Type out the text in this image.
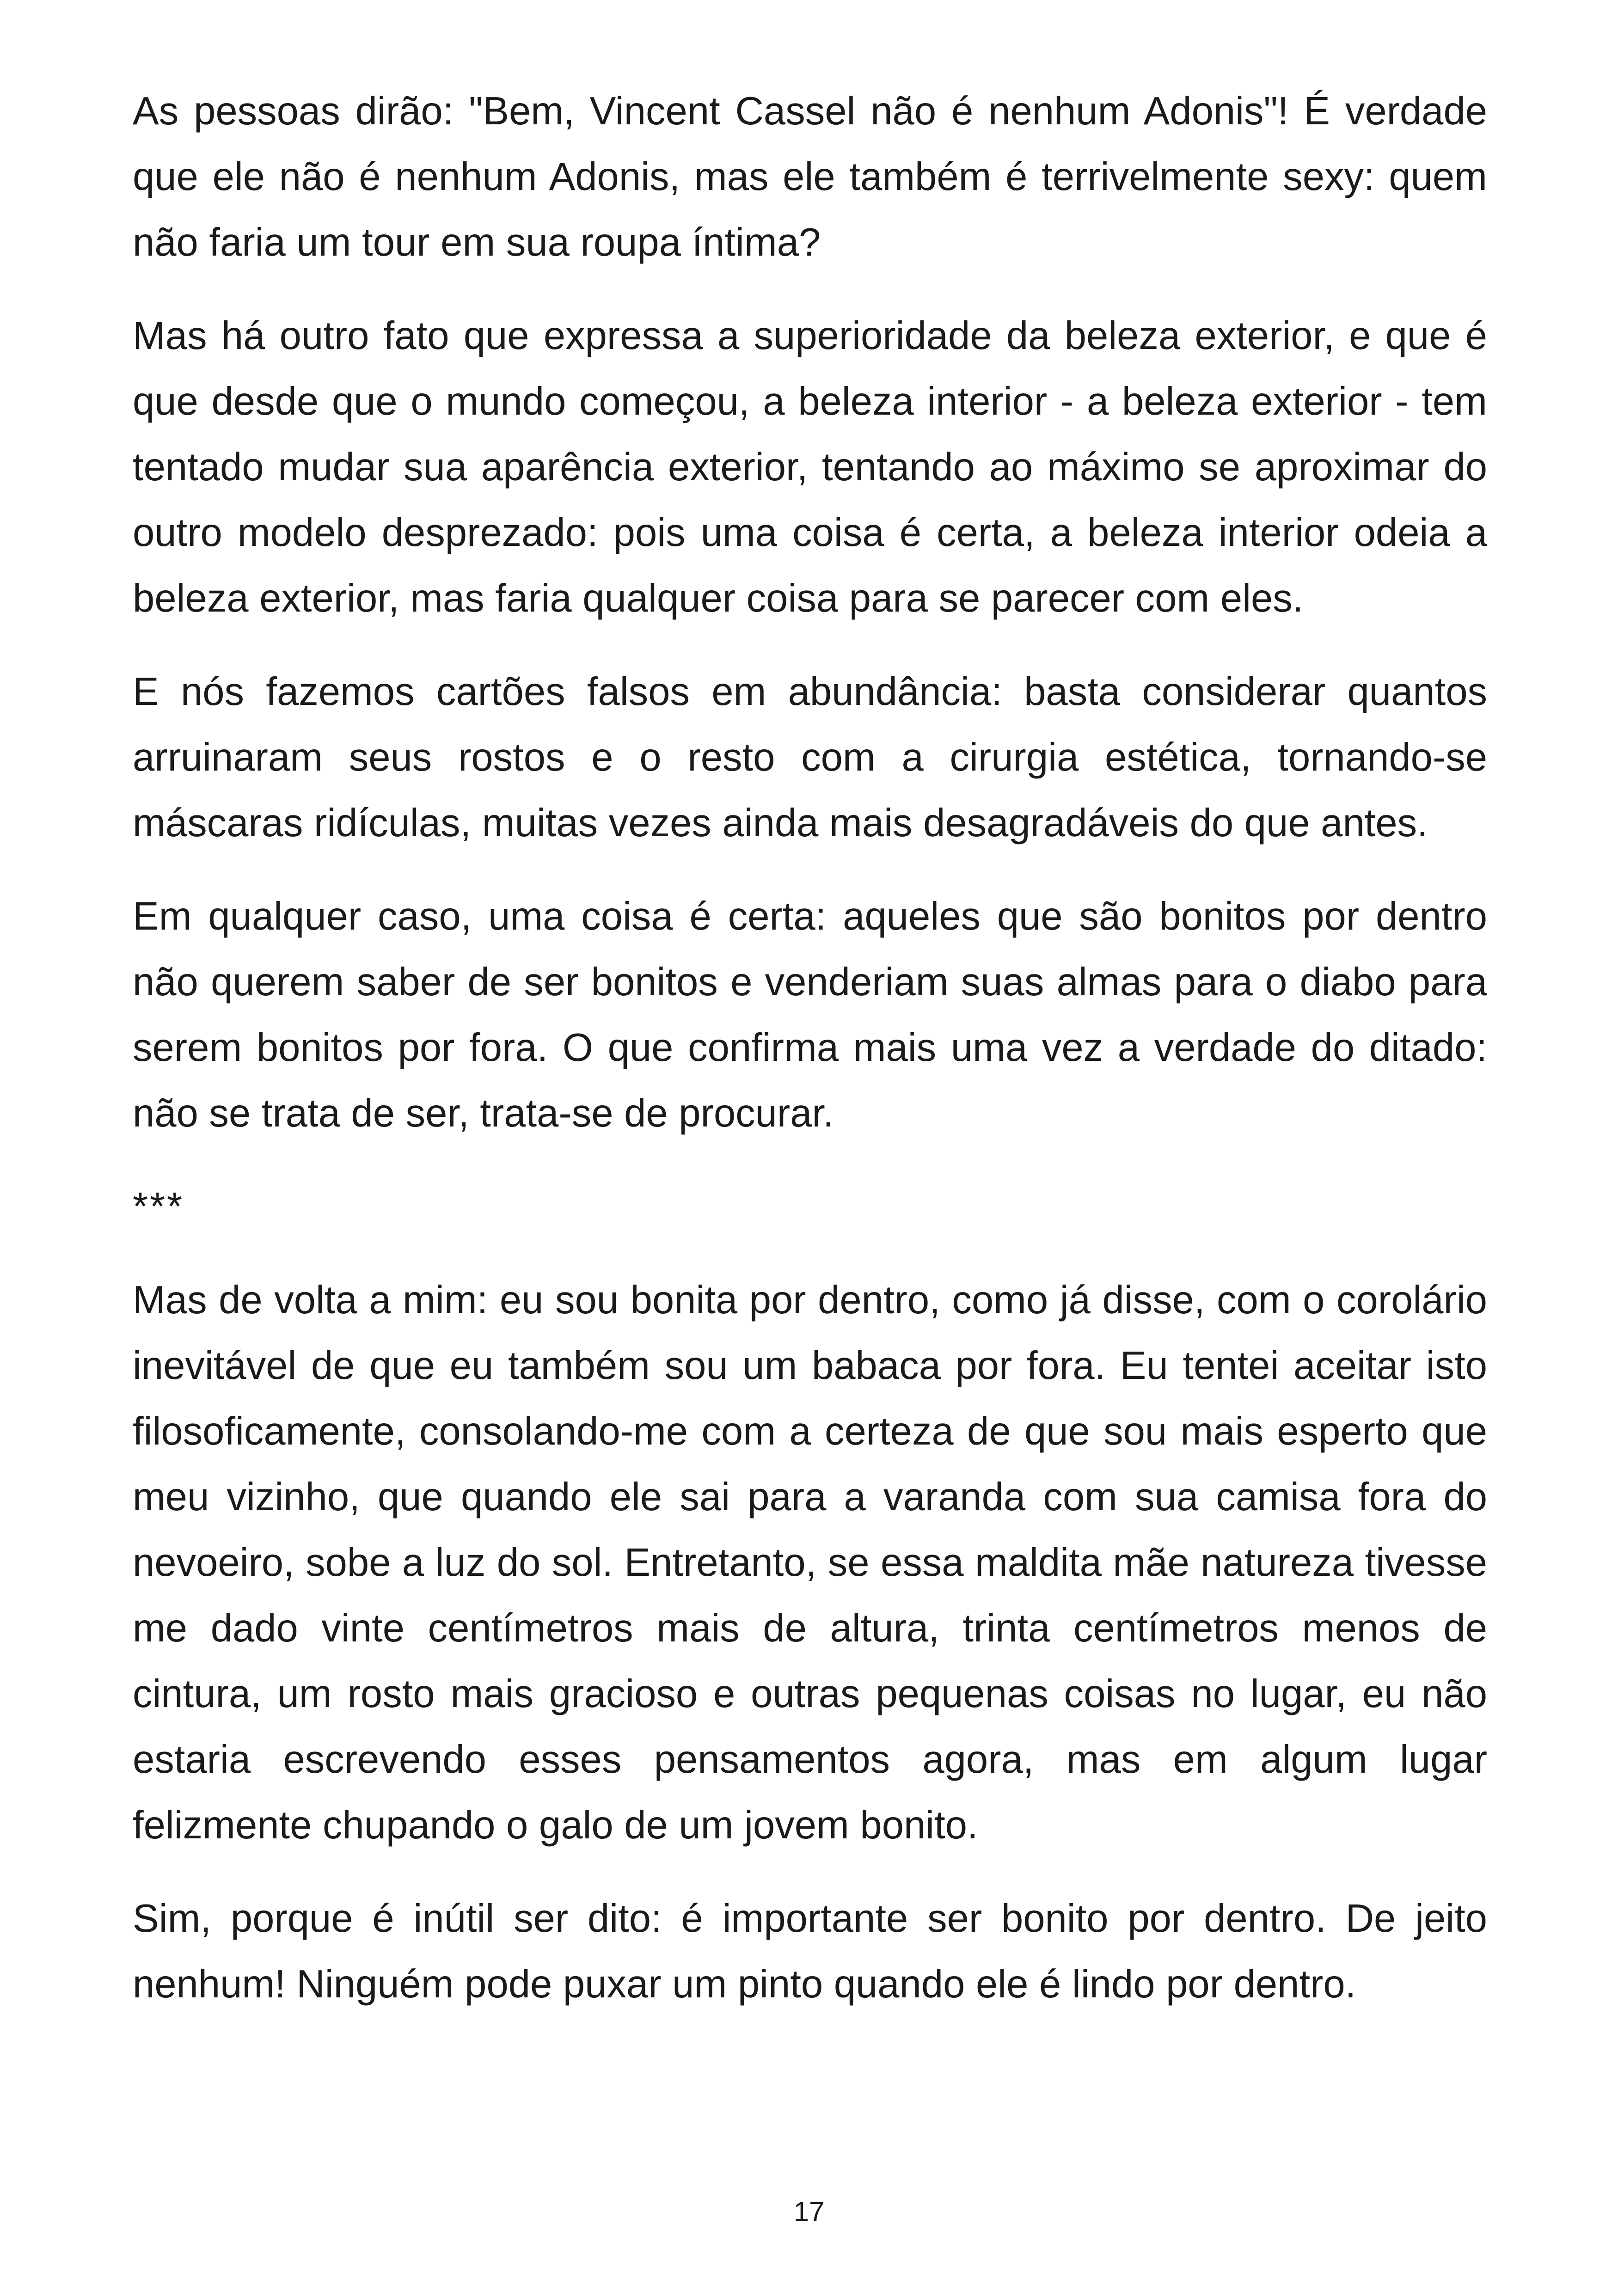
As pessoas dirão: "Bem, Vincent Cassel não é nenhum Adonis"! É verdade que ele não é nenhum Adonis, mas ele também é terrivelmente sexy: quem não faria um tour em sua roupa íntima?

Mas há outro fato que expressa a superioridade da beleza exterior, e que é que desde que o mundo começou, a beleza interior - a beleza exterior - tem tentado mudar sua aparência exterior, tentando ao máximo se aproximar do outro modelo desprezado: pois uma coisa é certa, a beleza interior odeia a beleza exterior, mas faria qualquer coisa para se parecer com eles.

E nós fazemos cartões falsos em abundância: basta considerar quantos arruinaram seus rostos e o resto com a cirurgia estética, tornando-se máscaras ridículas, muitas vezes ainda mais desagradáveis do que antes.

Em qualquer caso, uma coisa é certa: aqueles que são bonitos por dentro não querem saber de ser bonitos e venderiam suas almas para o diabo para serem bonitos por fora. O que confirma mais uma vez a verdade do ditado: não se trata de ser, trata-se de procurar.

***

Mas de volta a mim: eu sou bonita por dentro, como já disse, com o corolário inevitável de que eu também sou um babaca por fora. Eu tentei aceitar isto filosoficamente, consolando-me com a certeza de que sou mais esperto que meu vizinho, que quando ele sai para a varanda com sua camisa fora do nevoeiro, sobe a luz do sol. Entretanto, se essa maldita mãe natureza tivesse me dado vinte centímetros mais de altura, trinta centímetros menos de cintura, um rosto mais gracioso e outras pequenas coisas no lugar, eu não estaria escrevendo esses pensamentos agora, mas em algum lugar felizmente chupando o galo de um jovem bonito.

Sim, porque é inútil ser dito: é importante ser bonito por dentro. De jeito nenhum! Ninguém pode puxar um pinto quando ele é lindo por dentro.

17
